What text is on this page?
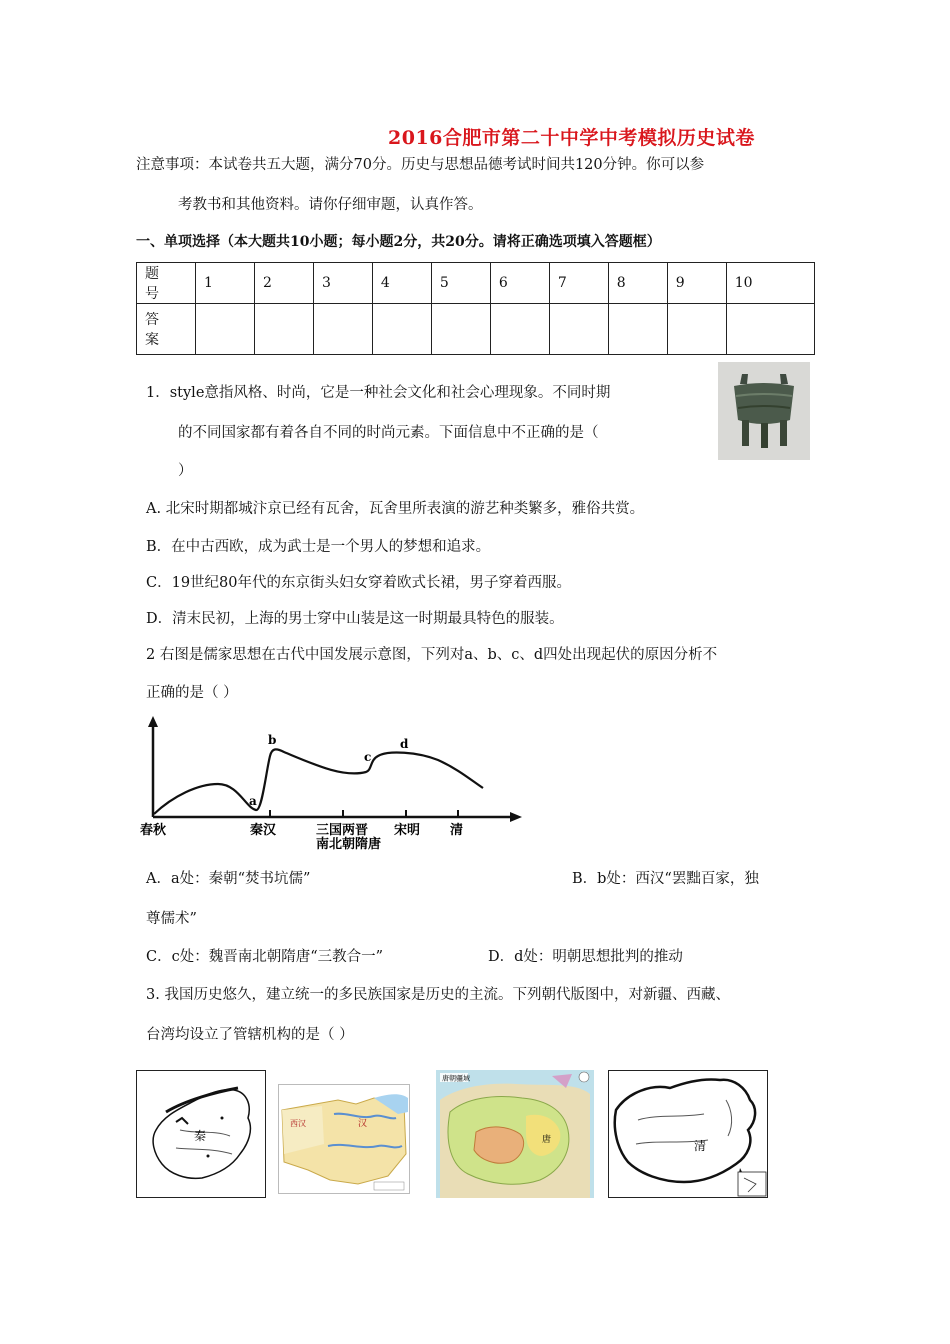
2016合肥市第二十中学中考模拟历史试卷
注意事项：本试卷共五大题，满分70分。历史与思想品德考试时间共120分钟。你可以参
考教书和其他资料。请你仔细审题，认真作答。
一、单项选择（本大题共10小题；每小题2分，共20分。请将正确选项填入答题框）
题 号	1	2	3	4	5	6	7	8	9	10
答 案										
1．style意指风格、时尚，它是一种社会文化和社会心理现象。不同时期
的不同国家都有着各自不同的时尚元素。下面信息中不正确的是（
）
A. 北宋时期都城汴京已经有瓦舍，瓦舍里所表演的游艺种类繁多，雅俗共赏。
B．在中古西欧，成为武士是一个男人的梦想和追求。
C．19世纪80年代的东京街头妇女穿着欧式长裙，男子穿着西服。
D．清末民初，上海的男士穿中山装是这一时期最具特色的服装。
2 右图是儒家思想在古代中国发展示意图，下列对a、b、c、d四处出现起伏的原因分析不
正确的是（ ）
a
b
c
d
春秋	秦汉	三国两晋
南北朝隋唐
宋明 清
A．a处：秦朝“焚书坑儒”	B．b处：西汉“罢黜百家，独
尊儒术”
C．c处：魏晋南北朝隋唐“三教合一”	D．d处：明朝思想批判的推动
3. 我国历史悠久，建立统一的多民族国家是历史的主流。下列朝代版图中，对新疆、西藏、
台湾均设立了管辖机构的是（ ）
秦
汉
西汉
唐朝疆域
唐	清
